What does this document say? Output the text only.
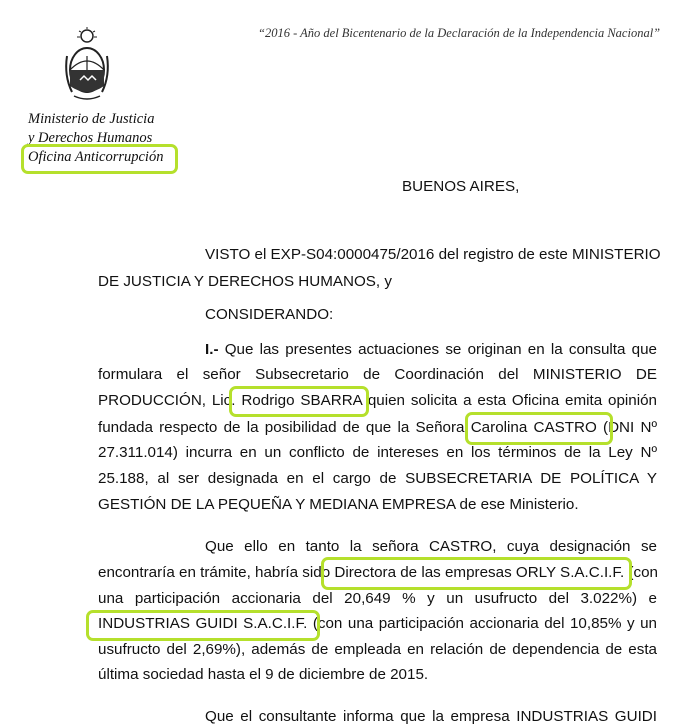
“2016 - Año del Bicentenario de la Declaración de la Independencia Nacional”
Ministerio de Justicia
y Derechos Humanos
Oficina Anticorrupción
BUENOS AIRES,
VISTO el EXP-S04:0000475/2016 del registro de este MINISTERIO
DE JUSTICIA Y DERECHOS HUMANOS, y
CONSIDERANDO:
I.- Que las presentes actuaciones se originan en la consulta que
formulara el señor Subsecretario de Coordinación del MINISTERIO DE
PRODUCCIÓN, Lic. Rodrigo SBARRA quien solicita a esta Oficina emita opinión
fundada respecto de la posibilidad de que la Señora Carolina CASTRO (DNI Nº
27.311.014) incurra en un conflicto de intereses en los términos de la Ley Nº
25.188, al ser designada en el cargo de SUBSECRETARIA DE POLÍTICA Y
GESTIÓN DE LA PEQUEÑA Y MEDIANA EMPRESA de ese Ministerio.
Que ello en tanto la señora CASTRO, cuya designación se
encontraría en trámite, habría sido Directora de las empresas ORLY S.A.C.I.F. (con
una participación accionaria del 20,649 % y un usufructo del 3.022%) e
INDUSTRIAS GUIDI S.A.C.I.F. (con una participación accionaria del 10,85% y un
usufructo del 2,69%), además de empleada en relación de dependencia de esta
última sociedad hasta el 9 de diciembre de 2015.
Que el consultante informa que la empresa INDUSTRIAS GUIDI
